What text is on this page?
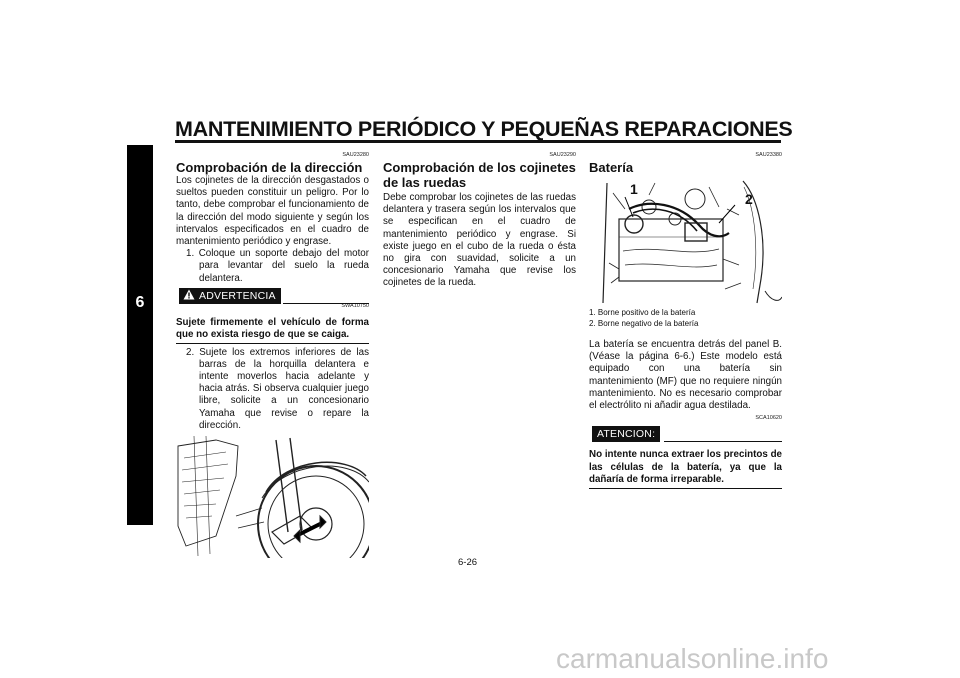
MANTENIMIENTO PERIÓDICO Y PEQUEÑAS REPARACIONES
6
SAU23280
Comprobación de la dirección
Los cojinetes de la dirección desgastados o sueltos pueden constituir un peligro. Por lo tanto, debe comprobar el funcionamiento de la dirección del modo siguiente y según los intervalos especificados en el cuadro de mantenimiento periódico y engrase.
1. Coloque un soporte debajo del motor para levantar del suelo la rueda delantera.
ADVERTENCIA
SWA10750
Sujete firmemente el vehículo de forma que no exista riesgo de que se caiga.
2. Sujete los extremos inferiores de las barras de la horquilla delantera e intente moverlos hacia adelante y hacia atrás. Si observa cualquier juego libre, solicite a un concesionario Yamaha que revise o repare la dirección.
SAU23290
Comprobación de los cojinetes de las ruedas
Debe comprobar los cojinetes de las ruedas delantera y trasera según los intervalos que se especifican en el cuadro de mantenimiento periódico y engrase. Si existe juego en el cubo de la rueda o ésta no gira con suavidad, solicite a un concesionario Yamaha que revise los cojinetes de la rueda.
SAU23380
Batería
1
2
1. Borne positivo de la batería
2. Borne negativo de la batería
La batería se encuentra detrás del panel B. (Véase la página 6-6.) Este modelo está equipado con una batería sin mantenimiento (MF) que no requiere ningún mantenimiento. No es necesario comprobar el electrólito ni añadir agua destilada.
SCA10620
ATENCION:
No intente nunca extraer los precintos de las células de la batería, ya que la dañaría de forma irreparable.
6-26
carmanualsonline.info
